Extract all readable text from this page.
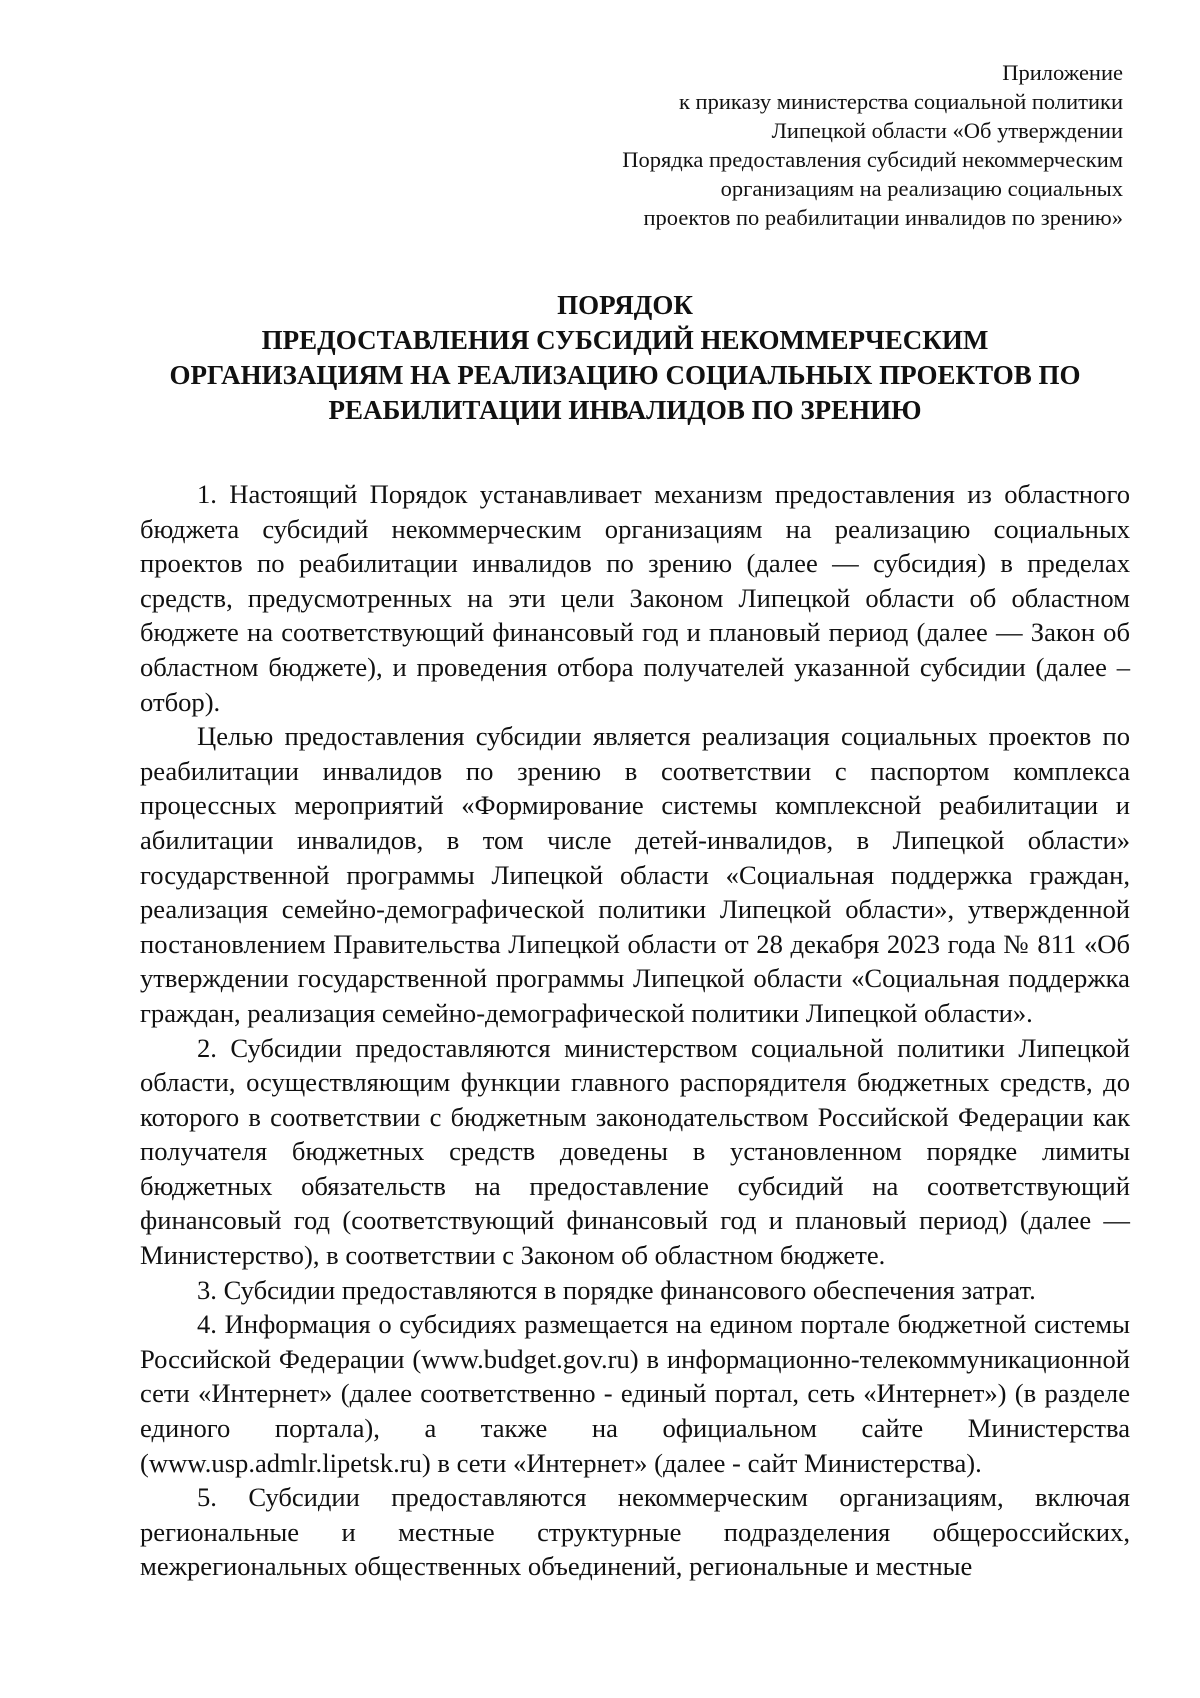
Приложение
к приказу министерства социальной политики
Липецкой области «Об утверждении
Порядка предоставления субсидий некоммерческим
организациям на реализацию социальных
проектов по реабилитации инвалидов по зрению»
ПОРЯДОК
ПРЕДОСТАВЛЕНИЯ СУБСИДИЙ НЕКОММЕРЧЕСКИМ
ОРГАНИЗАЦИЯМ НА РЕАЛИЗАЦИЮ СОЦИАЛЬНЫХ ПРОЕКТОВ ПО
РЕАБИЛИТАЦИИ ИНВАЛИДОВ ПО ЗРЕНИЮ

1. Настоящий Порядок устанавливает механизм предоставления из областного бюджета субсидий некоммерческим организациям на реализацию социальных проектов по реабилитации инвалидов по зрению (далее — субсидия) в пределах средств, предусмотренных на эти цели Законом Липецкой области об областном бюджете на соответствующий финансовый год и плановый период (далее — Закон об областном бюджете), и проведения отбора получателей указанной субсидии (далее – отбор).

Целью предоставления субсидии является реализация социальных проектов по реабилитации инвалидов по зрению в соответствии с паспортом комплекса процессных мероприятий «Формирование системы комплексной реабилитации и абилитации инвалидов, в том числе детей-инвалидов, в Липецкой области» государственной программы Липецкой области «Социальная поддержка граждан, реализация семейно-демографической политики Липецкой области», утвержденной постановлением Правительства Липецкой области от 28 декабря 2023 года № 811 «Об утверждении государственной программы Липецкой области «Социальная поддержка граждан, реализация семейно-демографической политики Липецкой области».

2. Субсидии предоставляются министерством социальной политики Липецкой области, осуществляющим функции главного распорядителя бюджетных средств, до которого в соответствии с бюджетным законодательством Российской Федерации как получателя бюджетных средств доведены в установленном порядке лимиты бюджетных обязательств на предоставление субсидий на соответствующий финансовый год (соответствующий финансовый год и плановый период) (далее — Министерство), в соответствии с Законом об областном бюджете.

3. Субсидии предоставляются в порядке финансового обеспечения затрат.

4. Информация о субсидиях размещается на едином портале бюджетной системы Российской Федерации (www.budget.gov.ru) в информационно-телекоммуникационной сети «Интернет» (далее соответственно - единый портал, сеть «Интернет») (в разделе единого портала), а также на официальном сайте Министерства (www.usp.admlr.lipetsk.ru) в сети «Интернет» (далее - сайт Министерства).

5. Субсидии предоставляются некоммерческим организациям, включая региональные и местные структурные подразделения общероссийских, межрегиональных общественных объединений, региональные и местные
